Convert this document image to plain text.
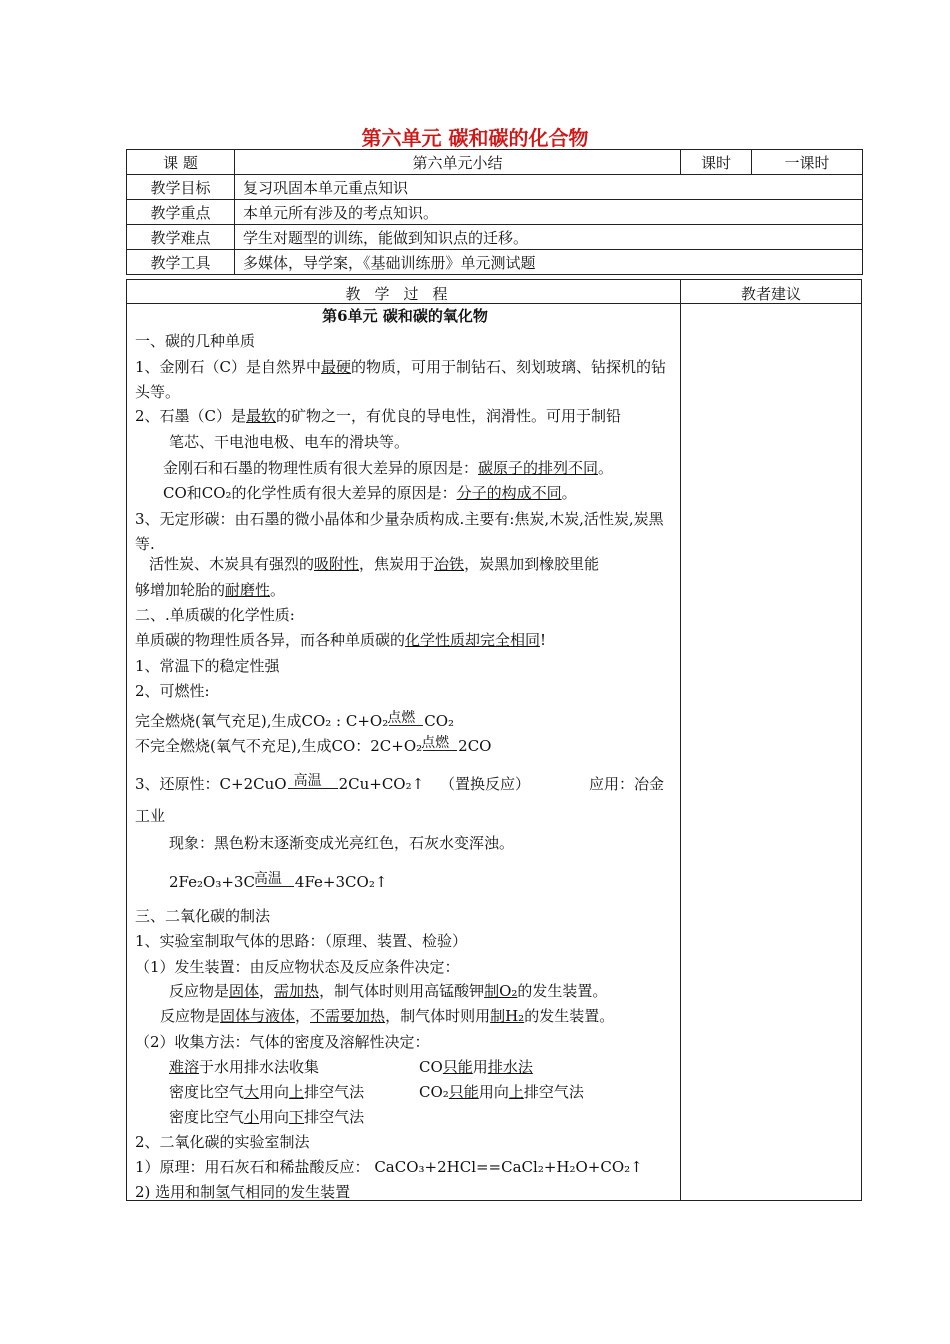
第六单元 碳和碳的化合物
课 题	第六单元小结	课时	一课时
教学目标	复习巩固本单元重点知识		
教学重点	本单元所有涉及的考点知识。		
教学难点	学生对题型的训练，能做到知识点的迁移。		
教学工具	多媒体，导学案，《基础训练册》单元测试题		
教学过程	教者建议
第6单元 碳和碳的氧化物
一、碳的几种单质
1、金刚石（C）是自然界中最硬的物质，可用于制钻石、刻划玻璃、钻探机的钻头等。
2、石墨（C）是最软的矿物之一，有优良的导电性，润滑性。可用于制铅
笔芯、干电池电极、电车的滑块等。
金刚石和石墨的物理性质有很大差异的原因是：碳原子的排列不同。
CO和CO₂的化学性质有很大差异的原因是：分子的构成不同。
3、无定形碳：由石墨的微小晶体和少量杂质构成.主要有:焦炭,木炭,活性炭,炭黑等.
活性炭、木炭具有强烈的吸附性，焦炭用于冶铁，炭黑加到橡胶里能
够增加轮胎的耐磨性。
二、.单质碳的化学性质:
单质碳的物理性质各异，而各种单质碳的化学性质却完全相同!
1、常温下的稳定性强
2、可燃性:
完全燃烧(氧气充足),生成CO₂ : C+O₂ 点燃 CO₂
不完全燃烧(氧气不充足),生成CO：2C+O₂ 点燃 2CO
3、还原性：C+2CuO 高温 2Cu+CO₂↑ （置换反应）	应用：冶金
工业
现象：黑色粉末逐渐变成光亮红色，石灰水变浑浊。
2Fe₂O₃+3C 高温 4Fe+3CO₂↑
三、二氧化碳的制法
1、实验室制取气体的思路：（原理、装置、检验）
（1）发生装置：由反应物状态及反应条件决定：
反应物是固体，需加热，制气体时则用高锰酸钾制O₂的发生装置。
反应物是固体与液体，不需要加热，制气体时则用制H₂的发生装置。
（2）收集方法：气体的密度及溶解性决定：
难溶于水用排水法收集	CO只能用排水法
密度比空气大用向上排空气法	CO₂只能用向上排空气法
密度比空气小用向下排空气法
2、二氧化碳的实验室制法
1）原理：用石灰石和稀盐酸反应： CaCO₃+2HCl==CaCl₂+H₂O+CO₂↑
2) 选用和制氢气相同的发生装置
